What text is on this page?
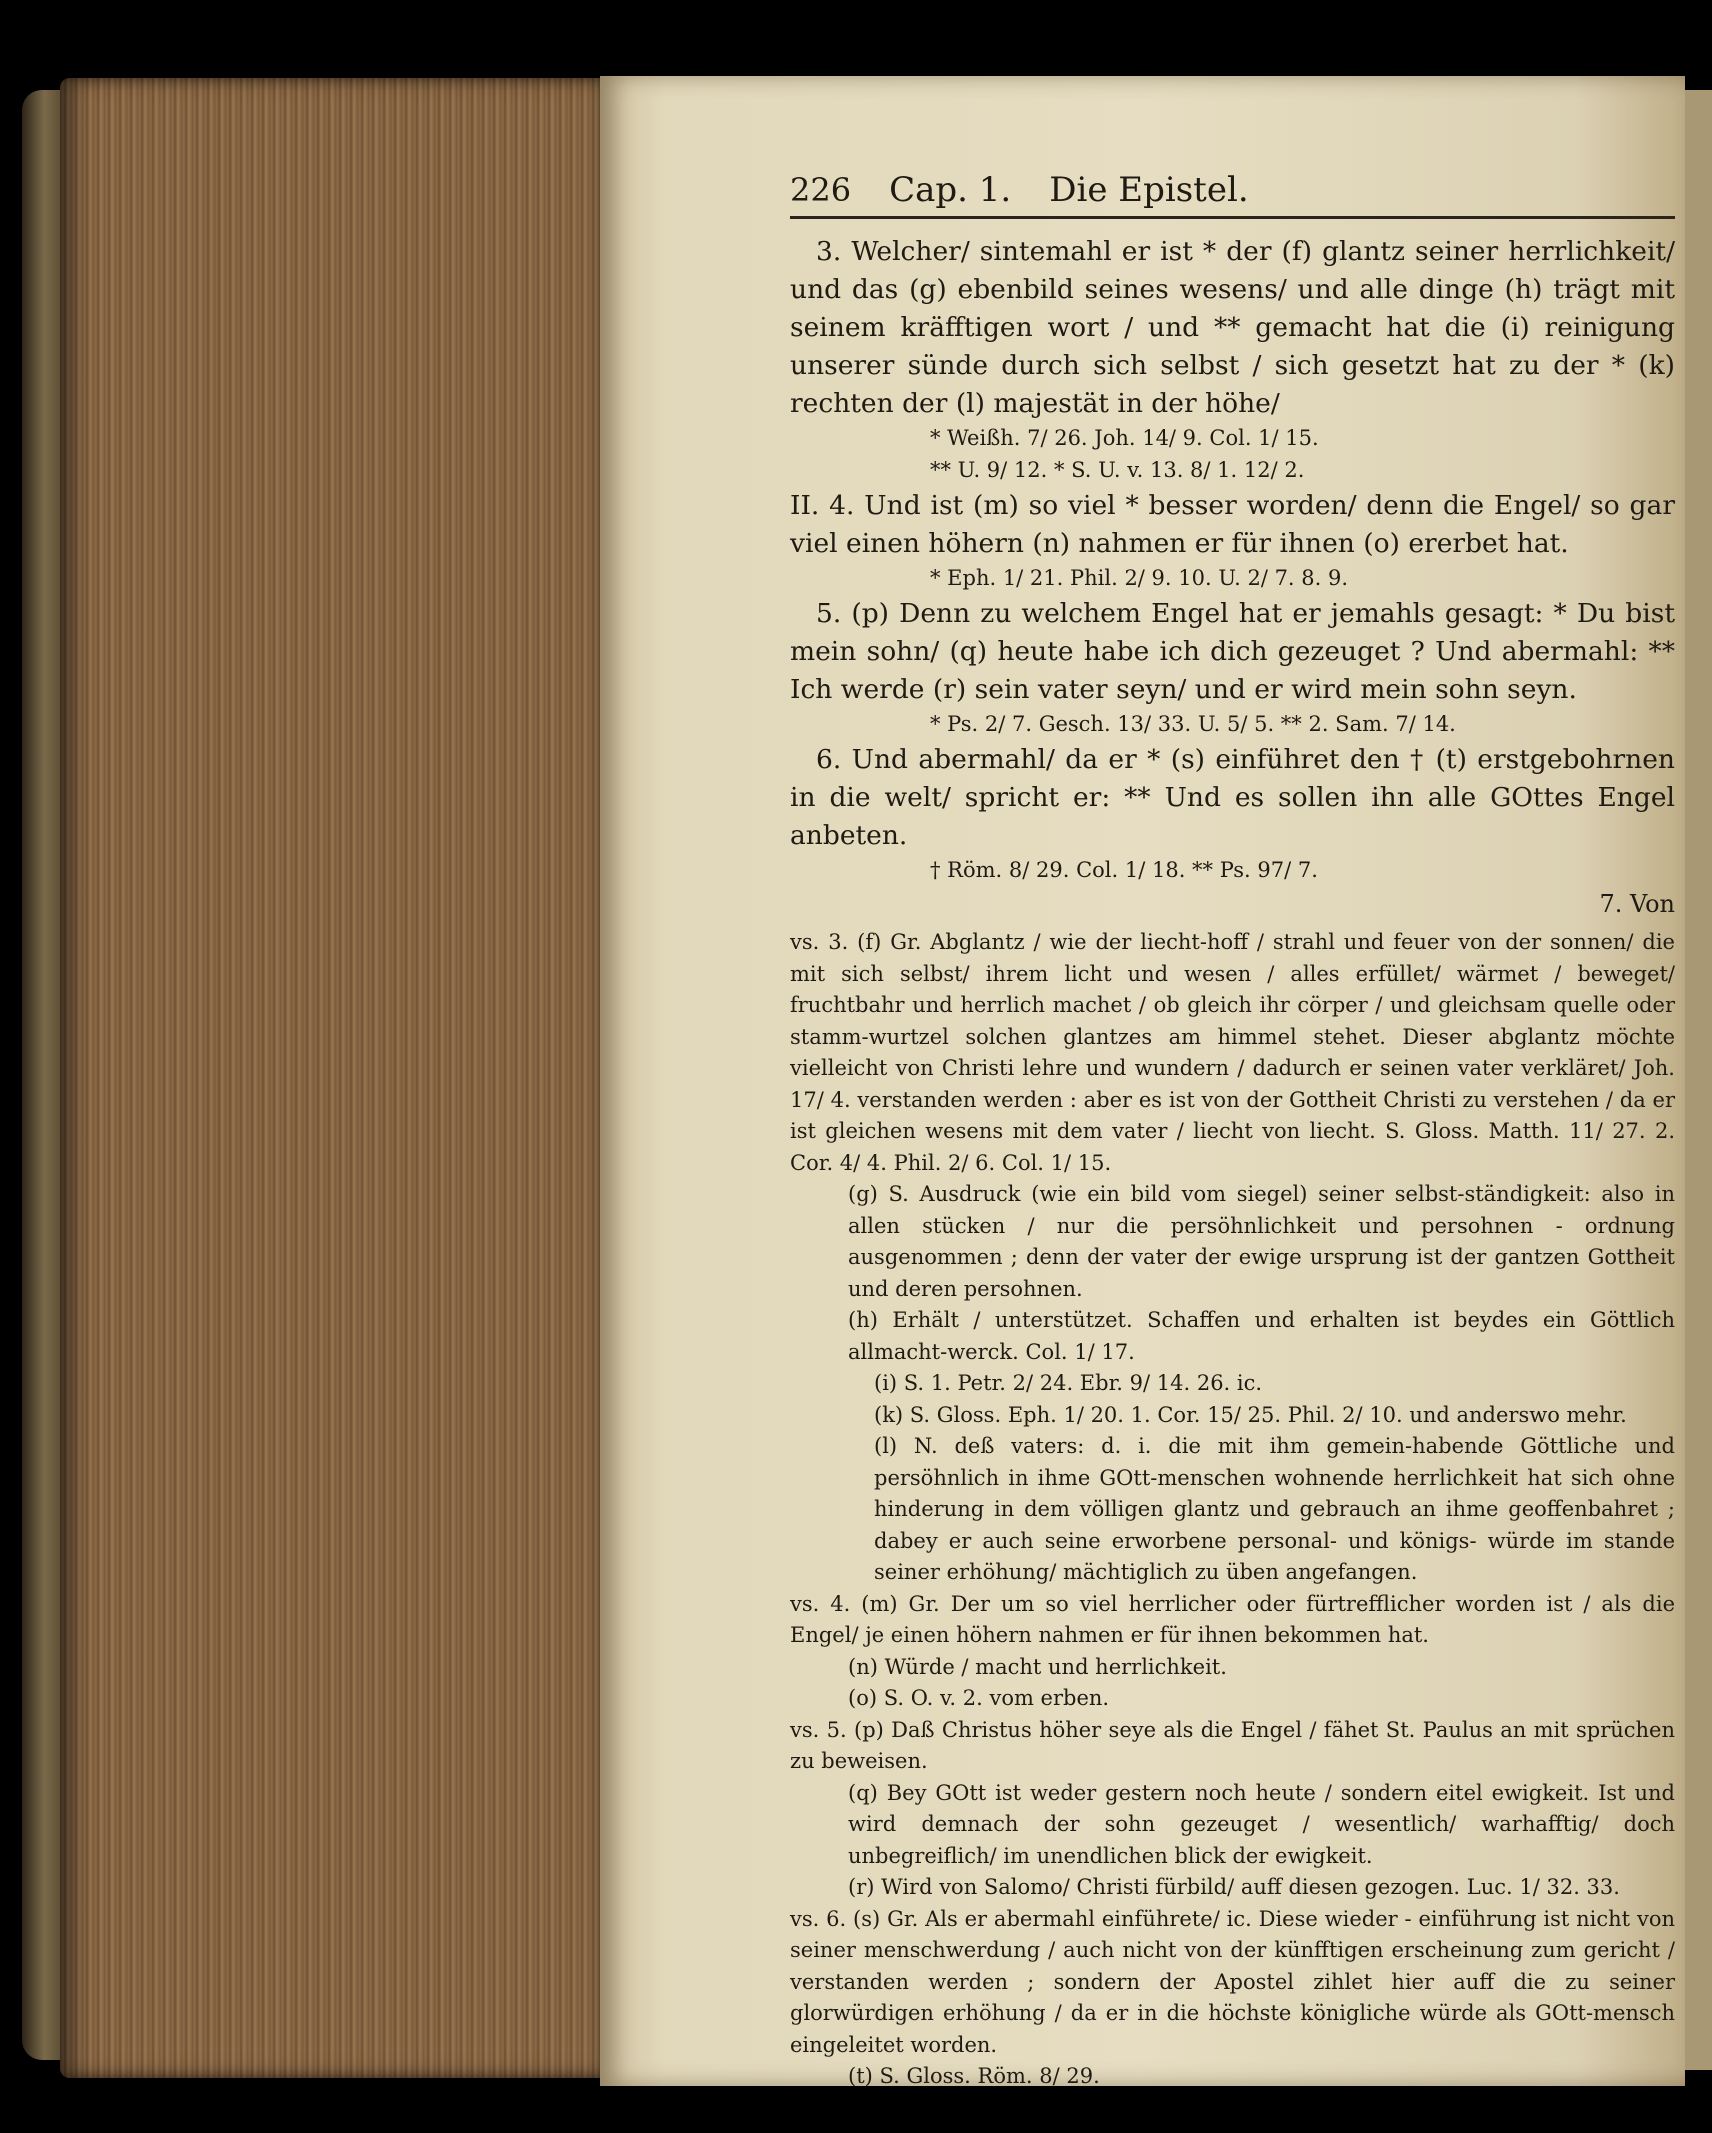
226 Cap. 1. Die Epistel.

3. Welcher/ sintemahl er ist * der (f) glantz seiner herrlichkeit/ und das (g) ebenbild seines wesens/ und alle dinge (h) trägt mit seinem kräfftigen wort / und ** gemacht hat die (i) reinigung unserer sünde durch sich selbst / sich gesetzt hat zu der * (k) rechten der (l) majestät in der höhe/

* Weißh. 7/ 26. Joh. 14/ 9. Col. 1/ 15.

** U. 9/ 12. * S. U. v. 13. 8/ 1. 12/ 2.

II. 4. Und ist (m) so viel * besser worden/ denn die Engel/ so gar viel einen höhern (n) nahmen er für ihnen (o) ererbet hat.

* Eph. 1/ 21. Phil. 2/ 9. 10. U. 2/ 7. 8. 9.

5. (p) Denn zu welchem Engel hat er jemahls gesagt: * Du bist mein sohn/ (q) heute habe ich dich gezeuget ? Und abermahl: ** Ich werde (r) sein vater seyn/ und er wird mein sohn seyn.

* Ps. 2/ 7. Gesch. 13/ 33. U. 5/ 5. ** 2. Sam. 7/ 14.

6. Und abermahl/ da er * (s) einführet den † (t) erstgebohrnen in die welt/ spricht er: ** Und es sollen ihn alle GOttes Engel anbeten.

† Röm. 8/ 29. Col. 1/ 18. ** Ps. 97/ 7.

7. Von

vs. 3. (f) Gr. Abglantz / wie der liecht-hoff / strahl und feuer von der sonnen/ die mit sich selbst/ ihrem licht und wesen / alles erfüllet/ wärmet / beweget/ fruchtbahr und herrlich machet / ob gleich ihr cörper / und gleichsam quelle oder stamm-wurtzel solchen glantzes am himmel stehet. Dieser abglantz möchte vielleicht von Christi lehre und wundern / dadurch er seinen vater verkläret/ Joh. 17/ 4. verstanden werden : aber es ist von der Gottheit Christi zu verstehen / da er ist gleichen wesens mit dem vater / liecht von liecht. S. Gloss. Matth. 11/ 27. 2. Cor. 4/ 4. Phil. 2/ 6. Col. 1/ 15.

(g) S. Ausdruck (wie ein bild vom siegel) seiner selbst-ständigkeit: also in allen stücken / nur die persöhnlichkeit und persohnen - ordnung ausgenommen ; denn der vater der ewige ursprung ist der gantzen Gottheit und deren persohnen.

(h) Erhält / unterstützet. Schaffen und erhalten ist beydes ein Göttlich allmacht-werck. Col. 1/ 17.

(i) S. 1. Petr. 2/ 24. Ebr. 9/ 14. 26. ic.

(k) S. Gloss. Eph. 1/ 20. 1. Cor. 15/ 25. Phil. 2/ 10. und anderswo mehr.

(l) N. deß vaters: d. i. die mit ihm gemein-habende Göttliche und persöhnlich in ihme GOtt-menschen wohnende herrlichkeit hat sich ohne hinderung in dem völligen glantz und gebrauch an ihme geoffenbahret ; dabey er auch seine erworbene personal- und königs- würde im stande seiner erhöhung/ mächtiglich zu üben angefangen.

vs. 4. (m) Gr. Der um so viel herrlicher oder fürtrefflicher worden ist / als die Engel/ je einen höhern nahmen er für ihnen bekommen hat.

(n) Würde / macht und herrlichkeit.

(o) S. O. v. 2. vom erben.

vs. 5. (p) Daß Christus höher seye als die Engel / fähet St. Paulus an mit sprüchen zu beweisen.

(q) Bey GOtt ist weder gestern noch heute / sondern eitel ewigkeit. Ist und wird demnach der sohn gezeuget / wesentlich/ warhafftig/ doch unbegreiflich/ im unendlichen blick der ewigkeit.

(r) Wird von Salomo/ Christi fürbild/ auff diesen gezogen. Luc. 1/ 32. 33.

vs. 6. (s) Gr. Als er abermahl einführete/ ic. Diese wieder - einführung ist nicht von seiner menschwerdung / auch nicht von der künfftigen erscheinung zum gericht / verstanden werden ; sondern der Apostel zihlet hier auff die zu seiner glorwürdigen erhöhung / da er in die höchste königliche würde als GOtt-mensch eingeleitet worden.

(t) S. Gloss. Röm. 8/ 29.
